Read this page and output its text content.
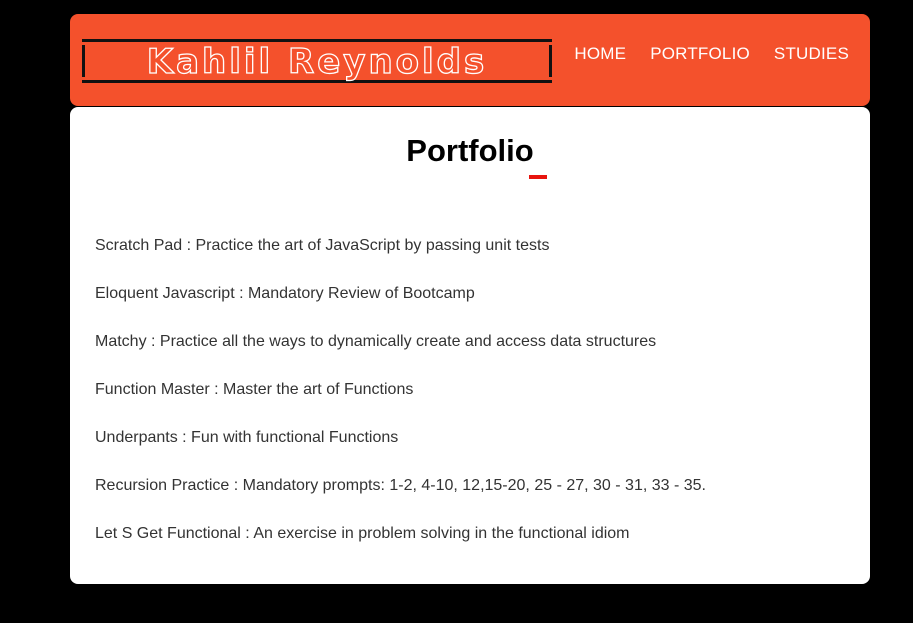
Kahlil Reynolds	HOME PORTFOLIO STUDIES
Portfolio
Scratch Pad : Practice the art of JavaScript by passing unit tests
Eloquent Javascript : Mandatory Review of Bootcamp
Matchy : Practice all the ways to dynamically create and access data structures
Function Master : Master the art of Functions
Underpants : Fun with functional Functions
Recursion Practice : Mandatory prompts: 1-2, 4-10, 12,15-20, 25 - 27, 30 - 31, 33 - 35.
Let S Get Functional : An exercise in problem solving in the functional idiom
